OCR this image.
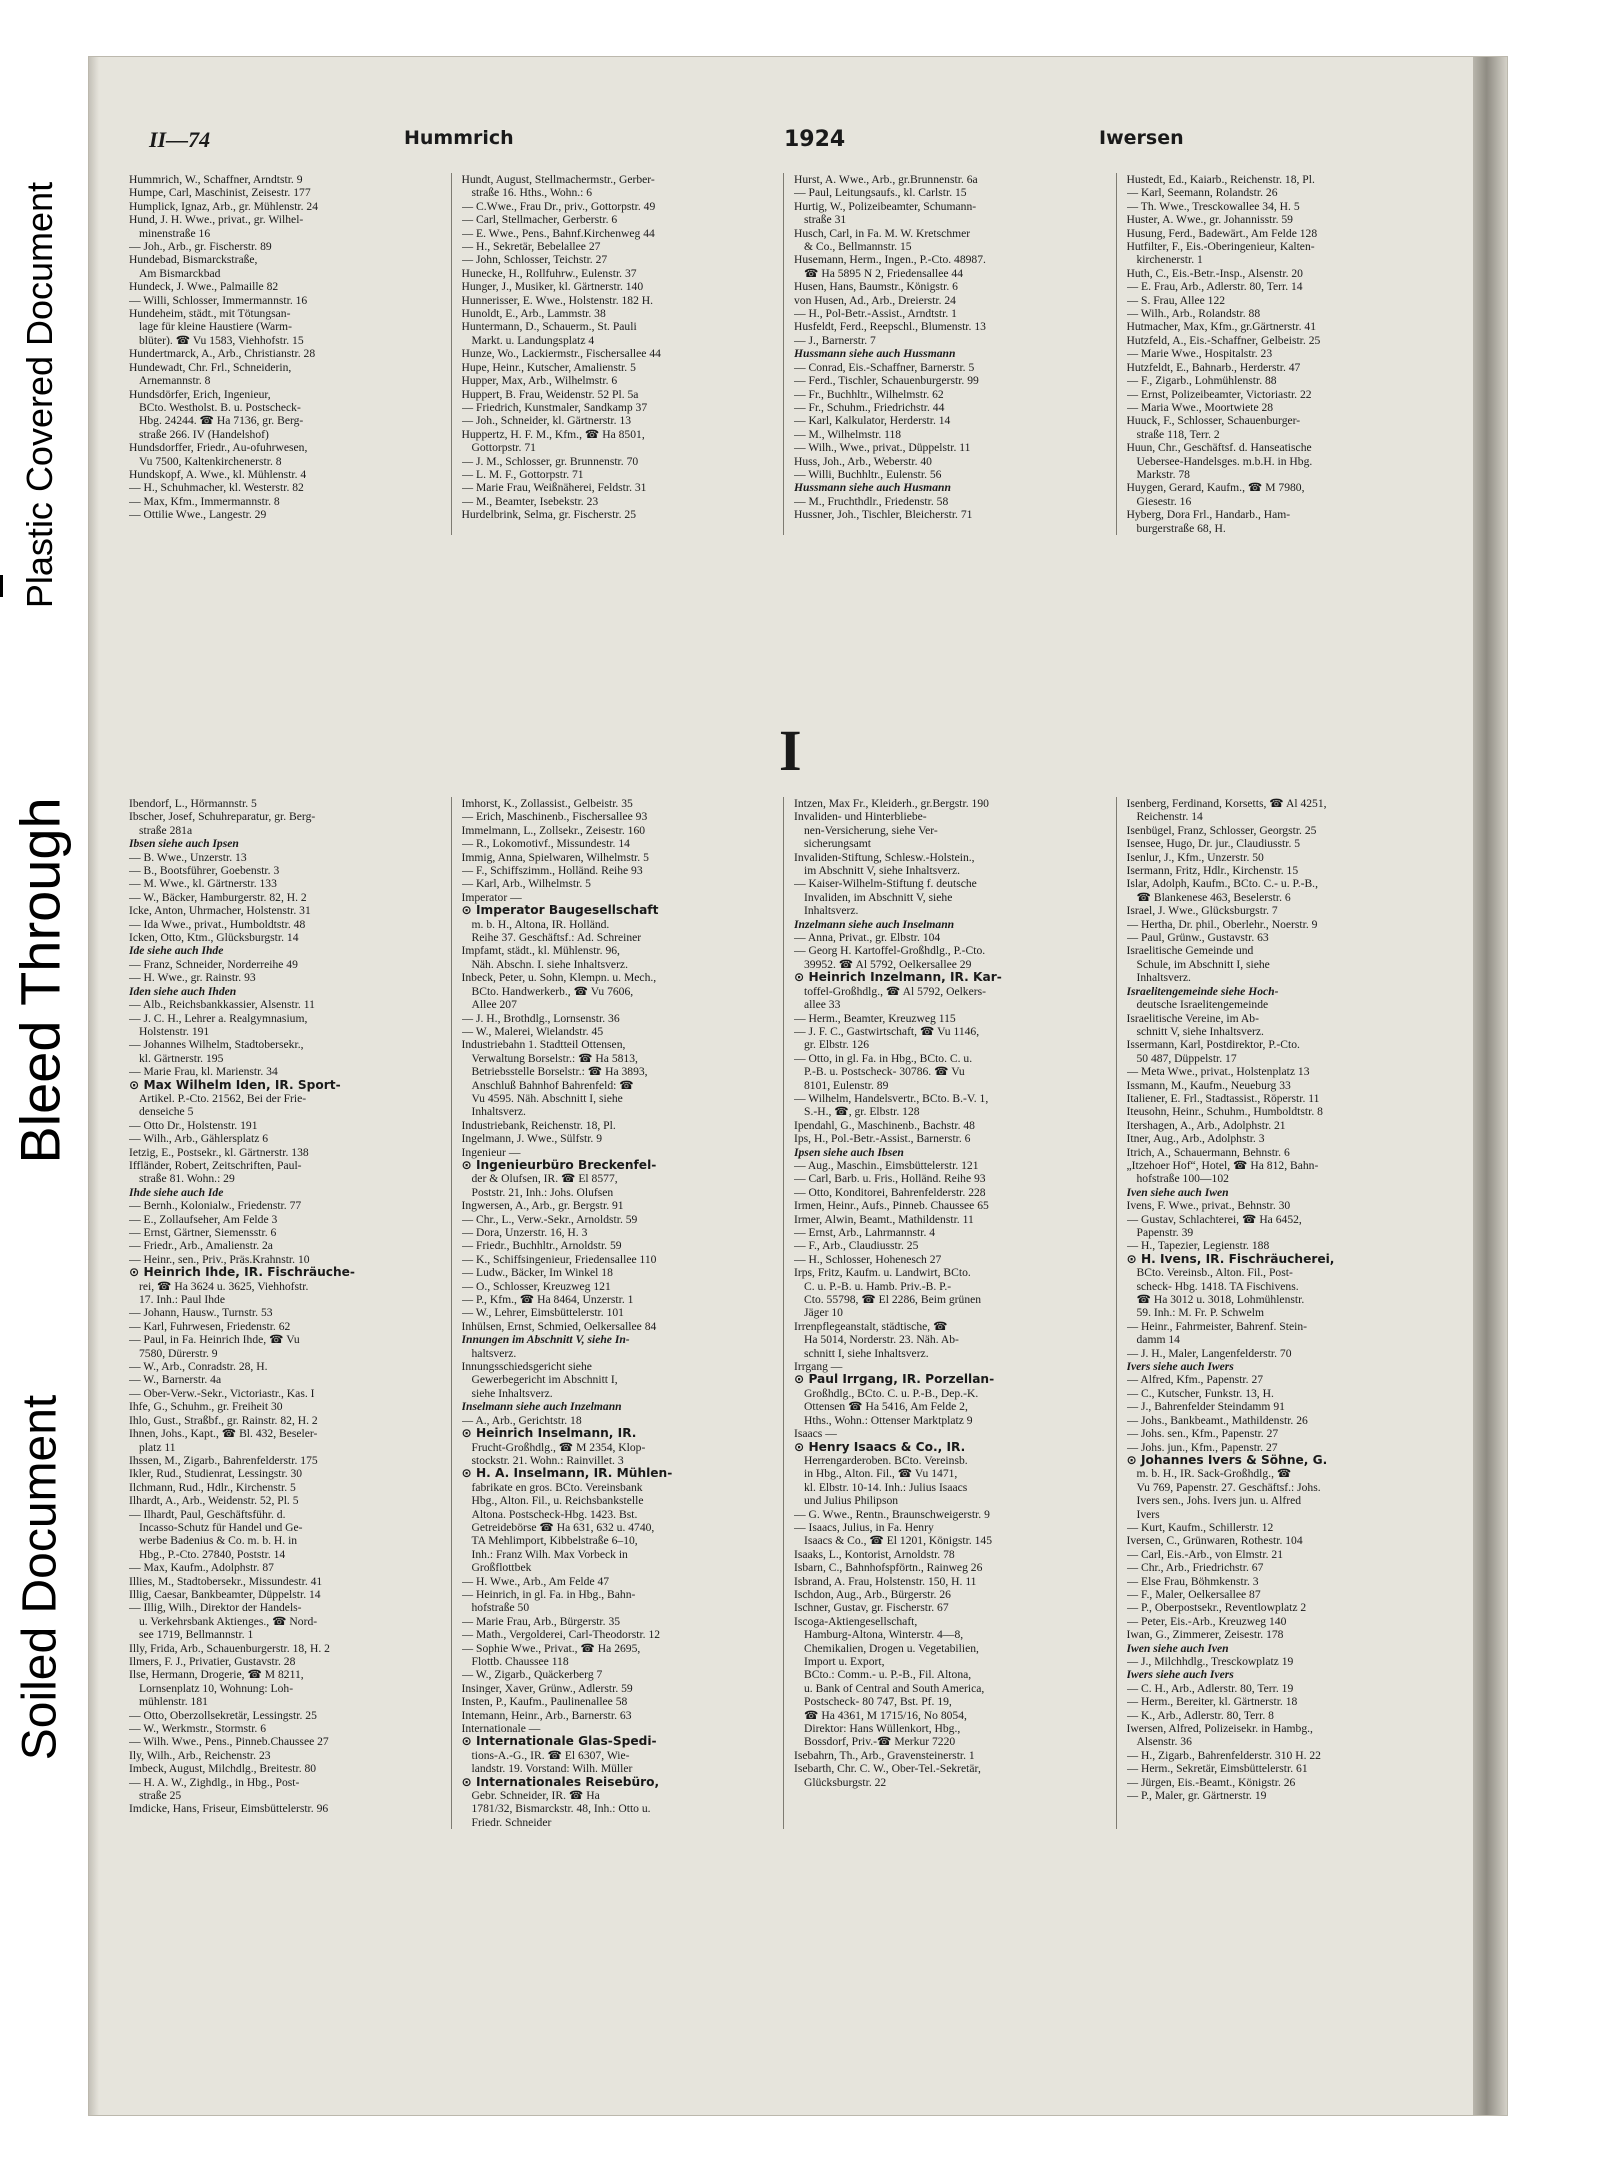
Plastic Covered Document
Bleed Through
Soiled Document
II—74	Hummrich	1924	Iwersen
Hummrich, W., Schaffner, Arndtstr. 9
Humpe, Carl, Maschinist, Zeisestr. 177
Humplick, Ignaz, Arb., gr. Mühlenstr. 24
Hund, J. H. Wwe., privat., gr. Wilhel-
minenstraße 16
— Joh., Arb., gr. Fischerstr. 89
Hundebad, Bismarckstraße,
Am Bismarckbad
Hundeck, J. Wwe., Palmaille 82
— Willi, Schlosser, Immermannstr. 16
Hundeheim, städt., mit Tötungsan-
lage für kleine Haustiere (Warm-
blüter). ☎ Vu 1583, Viehhofstr. 15
Hundertmarck, A., Arb., Christianstr. 28
Hundewadt, Chr. Frl., Schneiderin,
Arnemannstr. 8
Hundsdörfer, Erich, Ingenieur,
BCto. Westholst. B. u. Postscheck-
Hbg. 24244. ☎ Ha 7136, gr. Berg-
straße 266. IV (Handelshof)
Hundsdorffer, Friedr., Au-ofuhrwesen,
Vu 7500, Kaltenkirchenerstr. 8
Hundskopf, A. Wwe., kl. Mühlenstr. 4
— H., Schuhmacher, kl. Westerstr. 82
— Max, Kfm., Immermannstr. 8
— Ottilie Wwe., Langestr. 29
Hundt, August, Stellmachermstr., Gerber-
straße 16. Hths., Wohn.: 6
— C.Wwe., Frau Dr., priv., Gottorpstr. 49
— Carl, Stellmacher, Gerberstr. 6
— E. Wwe., Pens., Bahnf.Kirchenweg 44
— H., Sekretär, Bebelallee 27
— John, Schlosser, Teichstr. 27
Hunecke, H., Rollfuhrw., Eulenstr. 37
Hunger, J., Musiker, kl. Gärtnerstr. 140
Hunnerisser, E. Wwe., Holstenstr. 182 H.
Hunoldt, E., Arb., Lammstr. 38
Huntermann, D., Schauerm., St. Pauli
Markt. u. Landungsplatz 4
Hunze, Wo., Lackiermstr., Fischersallee 44
Hupe, Heinr., Kutscher, Amalienstr. 5
Hupper, Max, Arb., Wilhelmstr. 6
Huppert, B. Frau, Weidenstr. 52 Pl. 5a
— Friedrich, Kunstmaler, Sandkamp 37
— Joh., Schneider, kl. Gärtnerstr. 13
Huppertz, H. F. M., Kfm., ☎ Ha 8501,
Gottorpstr. 71
— J. M., Schlosser, gr. Brunnenstr. 70
— L. M. F., Gottorpstr. 71
— Marie Frau, Weißnäherei, Feldstr. 31
— M., Beamter, Isebekstr. 23
Hurdelbrink, Selma, gr. Fischerstr. 25
Hurst, A. Wwe., Arb., gr.Brunnenstr. 6a
— Paul, Leitungsaufs., kl. Carlstr. 15
Hurtig, W., Polizeibeamter, Schumann-
straße 31
Husch, Carl, in Fa. M. W. Kretschmer
& Co., Bellmannstr. 15
Husemann, Herm., Ingen., P.-Cto. 48987.
☎ Ha 5895 N 2, Friedensallee 44
Husen, Hans, Baumstr., Königstr. 6
von Husen, Ad., Arb., Dreierstr. 24
— H., Pol-Betr.-Assist., Arndtstr. 1
Husfeldt, Ferd., Reepschl., Blumenstr. 13
— J., Barnerstr. 7
Hussmann siehe auch Hussmann
— Conrad, Eis.-Schaffner, Barnerstr. 5
— Ferd., Tischler, Schauenburgerstr. 99
— Fr., Buchhltr., Wilhelmstr. 62
— Fr., Schuhm., Friedrichstr. 44
— Karl, Kalkulator, Herderstr. 14
— M., Wilhelmstr. 118
— Wilh., Wwe., privat., Düppelstr. 11
Huss, Joh., Arb., Weberstr. 40
— Willi, Buchhltr., Eulenstr. 56
Hussmann siehe auch Husmann
— M., Fruchthdlr., Friedenstr. 58
Hussner, Joh., Tischler, Bleicherstr. 71
Hustedt, Ed., Kaiarb., Reichenstr. 18, Pl.
— Karl, Seemann, Rolandstr. 26
— Th. Wwe., Tresckowallee 34, H. 5
Huster, A. Wwe., gr. Johannisstr. 59
Husung, Ferd., Badewärt., Am Felde 128
Hutfilter, F., Eis.-Oberingenieur, Kalten-
kirchenerstr. 1
Huth, C., Eis.-Betr.-Insp., Alsenstr. 20
— E. Frau, Arb., Adlerstr. 80, Terr. 14
— S. Frau, Allee 122
— Wilh., Arb., Rolandstr. 88
Hutmacher, Max, Kfm., gr.Gärtnerstr. 41
Hutzfeld, A., Eis.-Schaffner, Gelbeistr. 25
— Marie Wwe., Hospitalstr. 23
Hutzfeldt, E., Bahnarb., Herderstr. 47
— F., Zigarb., Lohmühlenstr. 88
— Ernst, Polizeibeamter, Victoriastr. 22
— Maria Wwe., Moortwiete 28
Huuck, F., Schlosser, Schauenburger-
straße 118, Terr. 2
Huun, Chr., Geschäftsf. d. Hanseatische
Uebersee-Handelsges. m.b.H. in Hbg.
Markstr. 78
Huygen, Gerard, Kaufm., ☎ M 7980,
Giesestr. 16
Hyberg, Dora Frl., Handarb., Ham-
burgerstraße 68, H.
I
Ibendorf, L., Hörmannstr. 5
Ibscher, Josef, Schuhreparatur, gr. Berg-
straße 281a
Ibsen siehe auch Ipsen
— B. Wwe., Unzerstr. 13
— B., Bootsführer, Goebenstr. 3
— M. Wwe., kl. Gärtnerstr. 133
— W., Bäcker, Hamburgerstr. 82, H. 2
Icke, Anton, Uhrmacher, Holstenstr. 31
— Ida Wwe., privat., Humboldtstr. 48
Icken, Otto, Ktm., Glücksburgstr. 14
Ide siehe auch Ihde
— Franz, Schneider, Norderreihe 49
— H. Wwe., gr. Rainstr. 93
Iden siehe auch Ihden
— Alb., Reichsbankkassier, Alsenstr. 11
— J. C. H., Lehrer a. Realgymnasium,
Holstenstr. 191
— Johannes Wilhelm, Stadtobersekr.,
kl. Gärtnerstr. 195
— Marie Frau, kl. Marienstr. 34
⊙ Max Wilhelm Iden, IR. Sport-
Artikel. P.-Cto. 21562, Bei der Frie-
denseiche 5
— Otto Dr., Holstenstr. 191
— Wilh., Arb., Gählersplatz 6
Ietzig, E., Postsekr., kl. Gärtnerstr. 138
Iffländer, Robert, Zeitschriften, Paul-
straße 81. Wohn.: 29
Ihde siehe auch Ide
— Bernh., Kolonialw., Friedenstr. 77
— E., Zollaufseher, Am Felde 3
— Ernst, Gärtner, Siemensstr. 6
— Friedr., Arb., Amalienstr. 2a
— Heinr., sen., Priv., Präs.Krahnstr. 10
⊙ Heinrich Ihde, IR. Fischräuche-
rei, ☎ Ha 3624 u. 3625, Viehhofstr.
17. Inh.: Paul Ihde
— Johann, Hausw., Turnstr. 53
— Karl, Fuhrwesen, Friedenstr. 62
— Paul, in Fa. Heinrich Ihde, ☎ Vu
7580, Dürerstr. 9
— W., Arb., Conradstr. 28, H.
— W., Barnerstr. 4a
— Ober-Verw.-Sekr., Victoriastr., Kas. I
Ihfe, G., Schuhm., gr. Freiheit 30
Ihlo, Gust., Straßbf., gr. Rainstr. 82, H. 2
Ihnen, Johs., Kapt., ☎ Bl. 432, Beseler-
platz 11
Ihssen, M., Zigarb., Bahrenfelderstr. 175
Ikler, Rud., Studienrat, Lessingstr. 30
Ilchmann, Rud., Hdlr., Kirchenstr. 5
Ilhardt, A., Arb., Weidenstr. 52, Pl. 5
— Ilhardt, Paul, Geschäftsführ. d.
Incasso-Schutz für Handel und Ge-
werbe Badenius & Co. m. b. H. in
Hbg., P.-Cto. 27840, Poststr. 14
— Max, Kaufm., Adolphstr. 87
Illies, M., Stadtobersekr., Missundestr. 41
Illig, Caesar, Bankbeamter, Düppelstr. 14
— Illig, Wilh., Direktor der Handels-
u. Verkehrsbank Aktienges., ☎ Nord-
see 1719, Bellmannstr. 1
Illy, Frida, Arb., Schauenburgerstr. 18, H. 2
Ilmers, F. J., Privatier, Gustavstr. 28
Ilse, Hermann, Drogerie, ☎ M 8211,
Lornsenplatz 10, Wohnung: Loh-
mühlenstr. 181
— Otto, Oberzollsekretär, Lessingstr. 25
— W., Werkmstr., Stormstr. 6
— Wilh. Wwe., Pens., Pinneb.Chaussee 27
Ily, Wilh., Arb., Reichenstr. 23
Imbeck, August, Milchdlg., Breitestr. 80
— H. A. W., Zighdlg., in Hbg., Post-
straße 25
Imdicke, Hans, Friseur, Eimsbüttelerstr. 96
Imhorst, K., Zollassist., Gelbeistr. 35
— Erich, Maschinenb., Fischersallee 93
Immelmann, L., Zollsekr., Zeisestr. 160
— R., Lokomotivf., Missundestr. 14
Immig, Anna, Spielwaren, Wilhelmstr. 5
— F., Schiffszimm., Holländ. Reihe 93
— Karl, Arb., Wilhelmstr. 5
Imperator —
⊙ Imperator Baugesellschaft
m. b. H., Altona, IR. Holländ.
Reihe 37. Geschäftsf.: Ad. Schreiner
Impfamt, städt., kl. Mühlenstr. 96,
Näh. Abschn. I. siehe Inhaltsverz.
Inbeck, Peter, u. Sohn, Klempn. u. Mech.,
BCto. Handwerkerb., ☎ Vu 7606,
Allee 207
— J. H., Brothdlg., Lornsenstr. 36
— W., Malerei, Wielandstr. 45
Industriebahn 1. Stadtteil Ottensen,
Verwaltung Borselstr.: ☎ Ha 5813,
Betriebsstelle Borselstr.: ☎ Ha 3893,
Anschluß Bahnhof Bahrenfeld: ☎
Vu 4595. Näh. Abschnitt I, siehe
Inhaltsverz.
Industriebank, Reichenstr. 18, Pl.
Ingelmann, J. Wwe., Sülfstr. 9
Ingenieur —
⊙ Ingenieurbüro Breckenfel-
der & Olufsen, IR. ☎ El 8577,
Poststr. 21, Inh.: Johs. Olufsen
Ingwersen, A., Arb., gr. Bergstr. 91
— Chr., L., Verw.-Sekr., Arnoldstr. 59
— Dora, Unzerstr. 16, H. 3
— Friedr., Buchhltr., Arnoldstr. 59
— K., Schiffsingenieur, Friedensallee 110
— Ludw., Bäcker, Im Winkel 18
— O., Schlosser, Kreuzweg 121
— P., Kfm., ☎ Ha 8464, Unzerstr. 1
— W., Lehrer, Eimsbüttelerstr. 101
Inhülsen, Ernst, Schmied, Oelkersallee 84
Innungen im Abschnitt V, siehe In-
haltsverz.
Innungsschiedsgericht siehe
Gewerbegericht im Abschnitt I,
siehe Inhaltsverz.
Inselmann siehe auch Inzelmann
— A., Arb., Gerichtstr. 18
⊙ Heinrich Inselmann, IR.
Frucht-Großhdlg., ☎ M 2354, Klop-
stockstr. 21. Wohn.: Rainvillet. 3
⊙ H. A. Inselmann, IR. Mühlen-
fabrikate en gros. BCto. Vereinsbank
Hbg., Alton. Fil., u. Reichsbankstelle
Altona. Postscheck-Hbg. 1423. Bst.
Getreidebörse ☎ Ha 631, 632 u. 4740,
TA Mehlimport, Kibbelstraße 6–10,
Inh.: Franz Wilh. Max Vorbeck in
Großflottbek
— H. Wwe., Arb., Am Felde 47
— Heinrich, in gl. Fa. in Hbg., Bahn-
hofstraße 50
— Marie Frau, Arb., Bürgerstr. 35
— Math., Vergolderei, Carl-Theodorstr. 12
— Sophie Wwe., Privat., ☎ Ha 2695,
Flottb. Chaussee 118
— W., Zigarb., Quäckerberg 7
Insinger, Xaver, Grünw., Adlerstr. 59
Insten, P., Kaufm., Paulinenallee 58
Intemann, Heinr., Arb., Barnerstr. 63
Internationale —
⊙ Internationale Glas-Spedi-
tions-A.-G., IR. ☎ El 6307, Wie-
landstr. 19. Vorstand: Wilh. Müller
⊙ Internationales Reisebüro,
Gebr. Schneider, IR. ☎ Ha
1781/32, Bismarckstr. 48, Inh.: Otto u.
Friedr. Schneider
Intzen, Max Fr., Kleiderh., gr.Bergstr. 190
Invaliden- und Hinterbliebe-
nen-Versicherung, siehe Ver-
sicherungsamt
Invaliden-Stiftung, Schlesw.-Holstein.,
im Abschnitt V, siehe Inhaltsverz.
— Kaiser-Wilhelm-Stiftung f. deutsche
Invaliden, im Abschnitt V, siehe
Inhaltsverz.
Inzelmann siehe auch Inselmann
— Anna, Privat., gr. Elbstr. 104
— Georg H. Kartoffel-Großhdlg., P.-Cto.
39952. ☎ Al 5792, Oelkersallee 29
⊙ Heinrich Inzelmann, IR. Kar-
toffel-Großhdlg., ☎ Al 5792, Oelkers-
allee 33
— Herm., Beamter, Kreuzweg 115
— J. F. C., Gastwirtschaft, ☎ Vu 1146,
gr. Elbstr. 126
— Otto, in gl. Fa. in Hbg., BCto. C. u.
P.-B. u. Postscheck- 30786. ☎ Vu
8101, Eulenstr. 89
— Wilhelm, Handelsvertr., BCto. B.-V. 1,
S.-H., ☎, gr. Elbstr. 128
Ipendahl, G., Maschinenb., Bachstr. 48
Ips, H., Pol.-Betr.-Assist., Barnerstr. 6
Ipsen siehe auch Ibsen
— Aug., Maschin., Eimsbüttelerstr. 121
— Carl, Barb. u. Fris., Holländ. Reihe 93
— Otto, Konditorei, Bahrenfelderstr. 228
Irmen, Heinr., Aufs., Pinneb. Chaussee 65
Irmer, Alwin, Beamt., Mathildenstr. 11
— Ernst, Arb., Lahrmannstr. 4
— F., Arb., Claudiusstr. 25
— H., Schlosser, Hohenesch 27
Irps, Fritz, Kaufm. u. Landwirt, BCto.
C. u. P.-B. u. Hamb. Priv.-B. P.-
Cto. 55798, ☎ El 2286, Beim grünen
Jäger 10
Irrenpflegeanstalt, städtische, ☎
Ha 5014, Norderstr. 23. Näh. Ab-
schnitt I, siehe Inhaltsverz.
Irrgang —
⊙ Paul Irrgang, IR. Porzellan-
Großhdlg., BCto. C. u. P.-B., Dep.-K.
Ottensen ☎ Ha 5416, Am Felde 2,
Hths., Wohn.: Ottenser Marktplatz 9
Isaacs —
⊙ Henry Isaacs & Co., IR.
Herrengarderoben. BCto. Vereinsb.
in Hbg., Alton. Fil., ☎ Vu 1471,
kl. Elbstr. 10-14. Inh.: Julius Isaacs
und Julius Philipson
— G. Wwe., Rentn., Braunschweigerstr. 9
— Isaacs, Julius, in Fa. Henry
Isaacs & Co., ☎ El 1201, Königstr. 145
Isaaks, L., Kontorist, Arnoldstr. 78
Isbarn, C., Bahnhofspförtn., Rainweg 26
Isbrand, A. Frau, Holstenstr. 150, H. 11
Ischdon, Aug., Arb., Bürgerstr. 26
Ischner, Gustav, gr. Fischerstr. 67
Iscoga-Aktiengesellschaft,
Hamburg-Altona, Winterstr. 4—8,
Chemikalien, Drogen u. Vegetabilien,
Import u. Export,
BCto.: Comm.- u. P.-B., Fil. Altona,
u. Bank of Central and South America,
Postscheck- 80 747, Bst. Pf. 19,
☎ Ha 4361, M 1715/16, No 8054,
Direktor: Hans Wüllenkort, Hbg.,
Bossdorf, Priv.-☎ Merkur 7220
Isebahrn, Th., Arb., Gravensteinerstr. 1
Isebarth, Chr. C. W., Ober-Tel.-Sekretär,
Glücksburgstr. 22
Isenberg, Ferdinand, Korsetts, ☎ Al 4251,
Reichenstr. 14
Isenbügel, Franz, Schlosser, Georgstr. 25
Isensee, Hugo, Dr. jur., Claudiusstr. 5
Isenlur, J., Kfm., Unzerstr. 50
Isermann, Fritz, Hdlr., Kirchenstr. 15
Islar, Adolph, Kaufm., BCto. C.- u. P.-B.,
☎ Blankenese 463, Beselerstr. 6
Israel, J. Wwe., Glücksburgstr. 7
— Hertha, Dr. phil., Oberlehr., Noerstr. 9
— Paul, Grünw., Gustavstr. 63
Israelitische Gemeinde und
Schule, im Abschnitt I, siehe
Inhaltsverz.
Israelitengemeinde siehe Hoch-
deutsche Israelitengemeinde
Israelitische Vereine, im Ab-
schnitt V, siehe Inhaltsverz.
Issermann, Karl, Postdirektor, P.-Cto.
50 487, Düppelstr. 17
— Meta Wwe., privat., Holstenplatz 13
Issmann, M., Kaufm., Neueburg 33
Italiener, E. Frl., Stadtassist., Röperstr. 11
Iteusohn, Heinr., Schuhm., Humboldtstr. 8
Itershagen, A., Arb., Adolphstr. 21
Itner, Aug., Arb., Adolphstr. 3
Itrich, A., Schauermann, Behnstr. 6
„Itzehoer Hof“, Hotel, ☎ Ha 812, Bahn-
hofstraße 100—102
Iven siehe auch Iwen
Ivens, F. Wwe., privat., Behnstr. 30
— Gustav, Schlachterei, ☎ Ha 6452,
Papenstr. 39
— H., Tapezier, Legienstr. 188
⊙ H. Ivens, IR. Fischräucherei,
BCto. Vereinsb., Alton. Fil., Post-
scheck- Hbg. 1418. TA Fischivens.
☎ Ha 3012 u. 3018, Lohmühlenstr.
59. Inh.: M. Fr. P. Schwelm
— Heinr., Fahrmeister, Bahrenf. Stein-
damm 14
— J. H., Maler, Langenfelderstr. 70
Ivers siehe auch Iwers
— Alfred, Kfm., Papenstr. 27
— C., Kutscher, Funkstr. 13, H.
— J., Bahrenfelder Steindamm 91
— Johs., Bankbeamt., Mathildenstr. 26
— Johs. sen., Kfm., Papenstr. 27
— Johs. jun., Kfm., Papenstr. 27
⊙ Johannes Ivers & Söhne, G.
m. b. H., IR. Sack-Großhdlg., ☎
Vu 769, Papenstr. 27. Geschäftsf.: Johs.
Ivers sen., Johs. Ivers jun. u. Alfred
Ivers
— Kurt, Kaufm., Schillerstr. 12
Iversen, C., Grünwaren, Rothestr. 104
— Carl, Eis.-Arb., von Elmstr. 21
— Chr., Arb., Friedrichstr. 67
— Else Frau, Böhmkenstr. 3
— F., Maler, Oelkersallee 87
— P., Oberpostsekr., Reventlowplatz 2
— Peter, Eis.-Arb., Kreuzweg 140
Iwan, G., Zimmerer, Zeisestr. 178
Iwen siehe auch Iven
— J., Milchhdlg., Tresckowplatz 19
Iwers siehe auch Ivers
— C. H., Arb., Adlerstr. 80, Terr. 19
— Herm., Bereiter, kl. Gärtnerstr. 18
— K., Arb., Adlerstr. 80, Terr. 8
Iwersen, Alfred, Polizeisekr. in Hambg.,
Alsenstr. 36
— H., Zigarb., Bahrenfelderstr. 310 H. 22
— Herm., Sekretär, Eimsbüttelerstr. 61
— Jürgen, Eis.-Beamt., Königstr. 26
— P., Maler, gr. Gärtnerstr. 19
